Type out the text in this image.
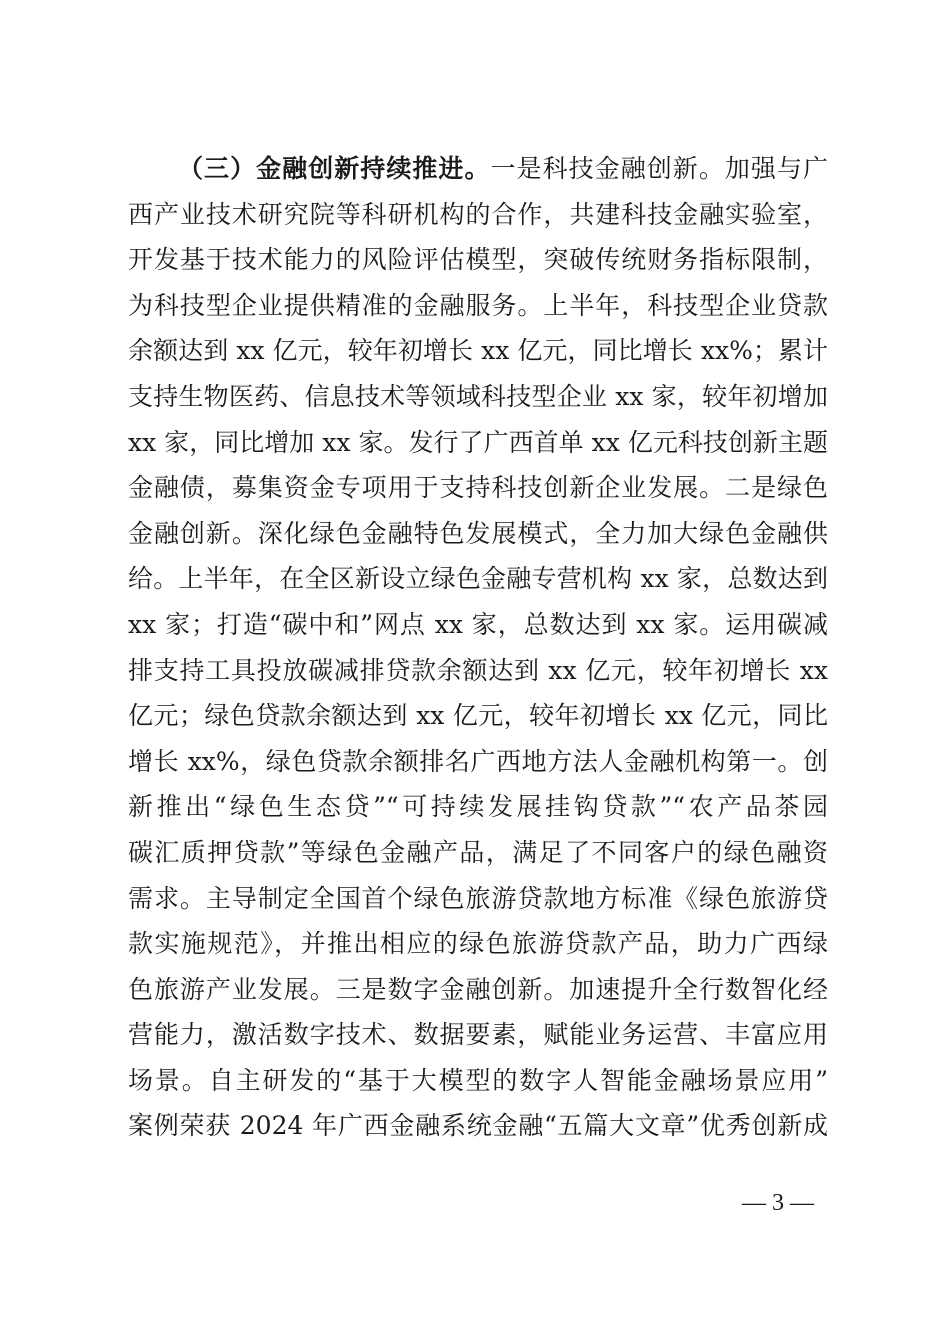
（三）金融创新持续推进。一是科技金融创新。加强与广
西产业技术研究院等科研机构的合作，共建科技金融实验室，
开发基于技术能力的风险评估模型，突破传统财务指标限制，
为科技型企业提供精准的金融服务。上半年，科技型企业贷款
余额达到 xx 亿元，较年初增长 xx 亿元，同比增长 xx%；累计
支持生物医药、信息技术等领域科技型企业 xx 家，较年初增加
xx 家，同比增加 xx 家。发行了广西首单 xx 亿元科技创新主题
金融债，募集资金专项用于支持科技创新企业发展。二是绿色
金融创新。深化绿色金融特色发展模式，全力加大绿色金融供
给。上半年，在全区新设立绿色金融专营机构 xx 家，总数达到
xx 家；打造“碳中和”网点 xx 家，总数达到 xx 家。运用碳减
排支持工具投放碳减排贷款余额达到 xx 亿元，较年初增长 xx
亿元；绿色贷款余额达到 xx 亿元，较年初增长 xx 亿元，同比
增长 xx%，绿色贷款余额排名广西地方法人金融机构第一。创
新推出“绿色生态贷”“可持续发展挂钩贷款”“农产品茶园
碳汇质押贷款”等绿色金融产品，满足了不同客户的绿色融资
需求。主导制定全国首个绿色旅游贷款地方标准《绿色旅游贷
款实施规范》，并推出相应的绿色旅游贷款产品，助力广西绿
色旅游产业发展。三是数字金融创新。加速提升全行数智化经
营能力，激活数字技术、数据要素，赋能业务运营、丰富应用
场景。自主研发的“基于大模型的数字人智能金融场景应用”
案例荣获 2024 年广西金融系统金融“五篇大文章”优秀创新成
— 3 —
